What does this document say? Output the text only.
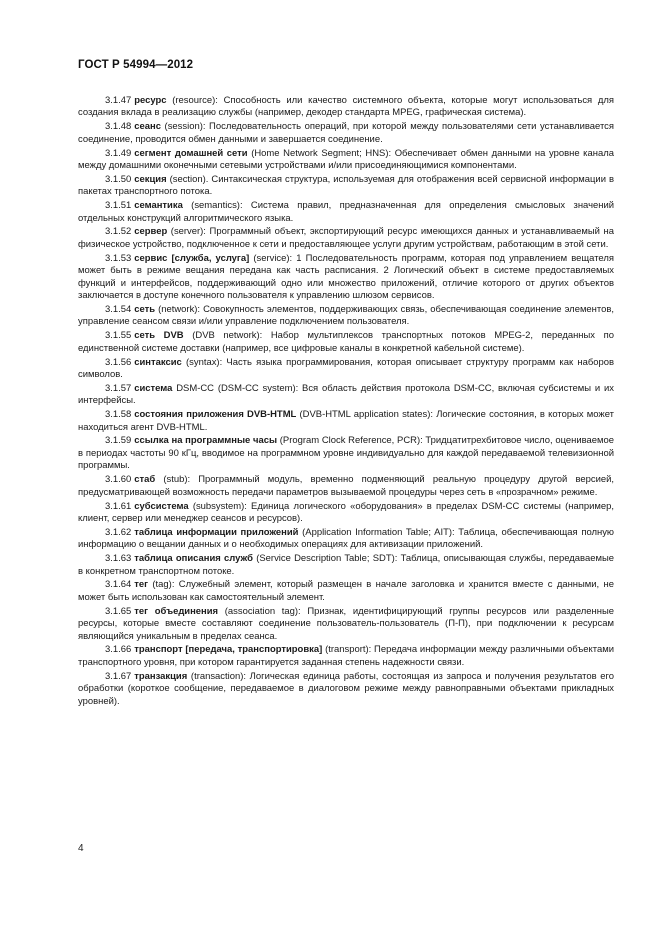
ГОСТ Р 54994—2012

3.1.47 ресурс (resource): Способность или качество системного объекта, которые могут использоваться для создания вклада в реализацию службы (например, декодер стандарта MPEG, графическая система).

3.1.48 сеанс (session): Последовательность операций, при которой между пользователями сети устанавливается соединение, проводится обмен данными и завершается соединение.

3.1.49 сегмент домашней сети (Home Network Segment; HNS): Обеспечивает обмен данными на уровне канала между домашними оконечными сетевыми устройствами и/или присоединяющимися компонентами.

3.1.50 секция (section). Синтаксическая структура, используемая для отображения всей сервисной информации в пакетах транспортного потока.

3.1.51 семантика (semantics): Система правил, предназначенная для определения смысловых значений отдельных конструкций алгоритмического языка.

3.1.52 сервер (server): Программный объект, экспортирующий ресурс имеющихся данных и устанавливаемый на физическое устройство, подключенное к сети и предоставляющее услуги другим устройствам, работающим в этой сети.

3.1.53 сервис [служба, услуга] (service): 1 Последовательность программ, которая под управлением вещателя может быть в режиме вещания передана как часть расписания. 2 Логический объект в системе предоставляемых функций и интерфейсов, поддерживающий одно или множество приложений, отличие которого от других объектов заключается в доступе конечного пользователя к управлению шлюзом сервисов.

3.1.54 сеть (network): Совокупность элементов, поддерживающих связь, обеспечивающая соединение элементов, управление сеансом связи и/или управление подключением пользователя.

3.1.55 сеть DVB (DVB network): Набор мультиплексов транспортных потоков MPEG-2, переданных по единственной системе доставки (например, все цифровые каналы в конкретной кабельной системе).

3.1.56 синтаксис (syntax): Часть языка программирования, которая описывает структуру программ как наборов символов.

3.1.57 система DSM-CC (DSM-CC system): Вся область действия протокола DSM-CC, включая субсистемы и их интерфейсы.

3.1.58 состояния приложения DVB-HTML (DVB-HTML application states): Логические состояния, в которых может находиться агент DVB-HTML.

3.1.59 ссылка на программные часы (Program Clock Reference, PCR): Тридцатитрехбитовое число, оцениваемое в периодах частоты 90 кГц, вводимое на программном уровне индивидуально для каждой передаваемой телевизионной программы.

3.1.60 стаб (stub): Программный модуль, временно подменяющий реальную процедуру другой версией, предусматривающей возможность передачи параметров вызываемой процедуры через сеть в «прозрачном» режиме.

3.1.61 субсистема (subsystem): Единица логического «оборудования» в пределах DSM-CC системы (например, клиент, сервер или менеджер сеансов и ресурсов).

3.1.62 таблица информации приложений (Application Information Table; AIT): Таблица, обеспечивающая полную информацию о вещании данных и о необходимых операциях для активизации приложений.

3.1.63 таблица описания служб (Service Description Table; SDT): Таблица, описывающая службы, передаваемые в конкретном транспортном потоке.

3.1.64 тег (tag): Служебный элемент, который размещен в начале заголовка и хранится вместе с данными, не может быть использован как самостоятельный элемент.

3.1.65 тег объединения (association tag): Признак, идентифицирующий группы ресурсов или разделенные ресурсы, которые вместе составляют соединение пользователь-пользователь (П-П), при подключении к ресурсам являющийся уникальным в пределах сеанса.

3.1.66 транспорт [передача, транспортировка] (transport): Передача информации между различными объектами транспортного уровня, при котором гарантируется заданная степень надежности связи.

3.1.67 транзакция (transaction): Логическая единица работы, состоящая из запроса и получения результатов его обработки (короткое сообщение, передаваемое в диалоговом режиме между равноправными объектами прикладных уровней).

4
